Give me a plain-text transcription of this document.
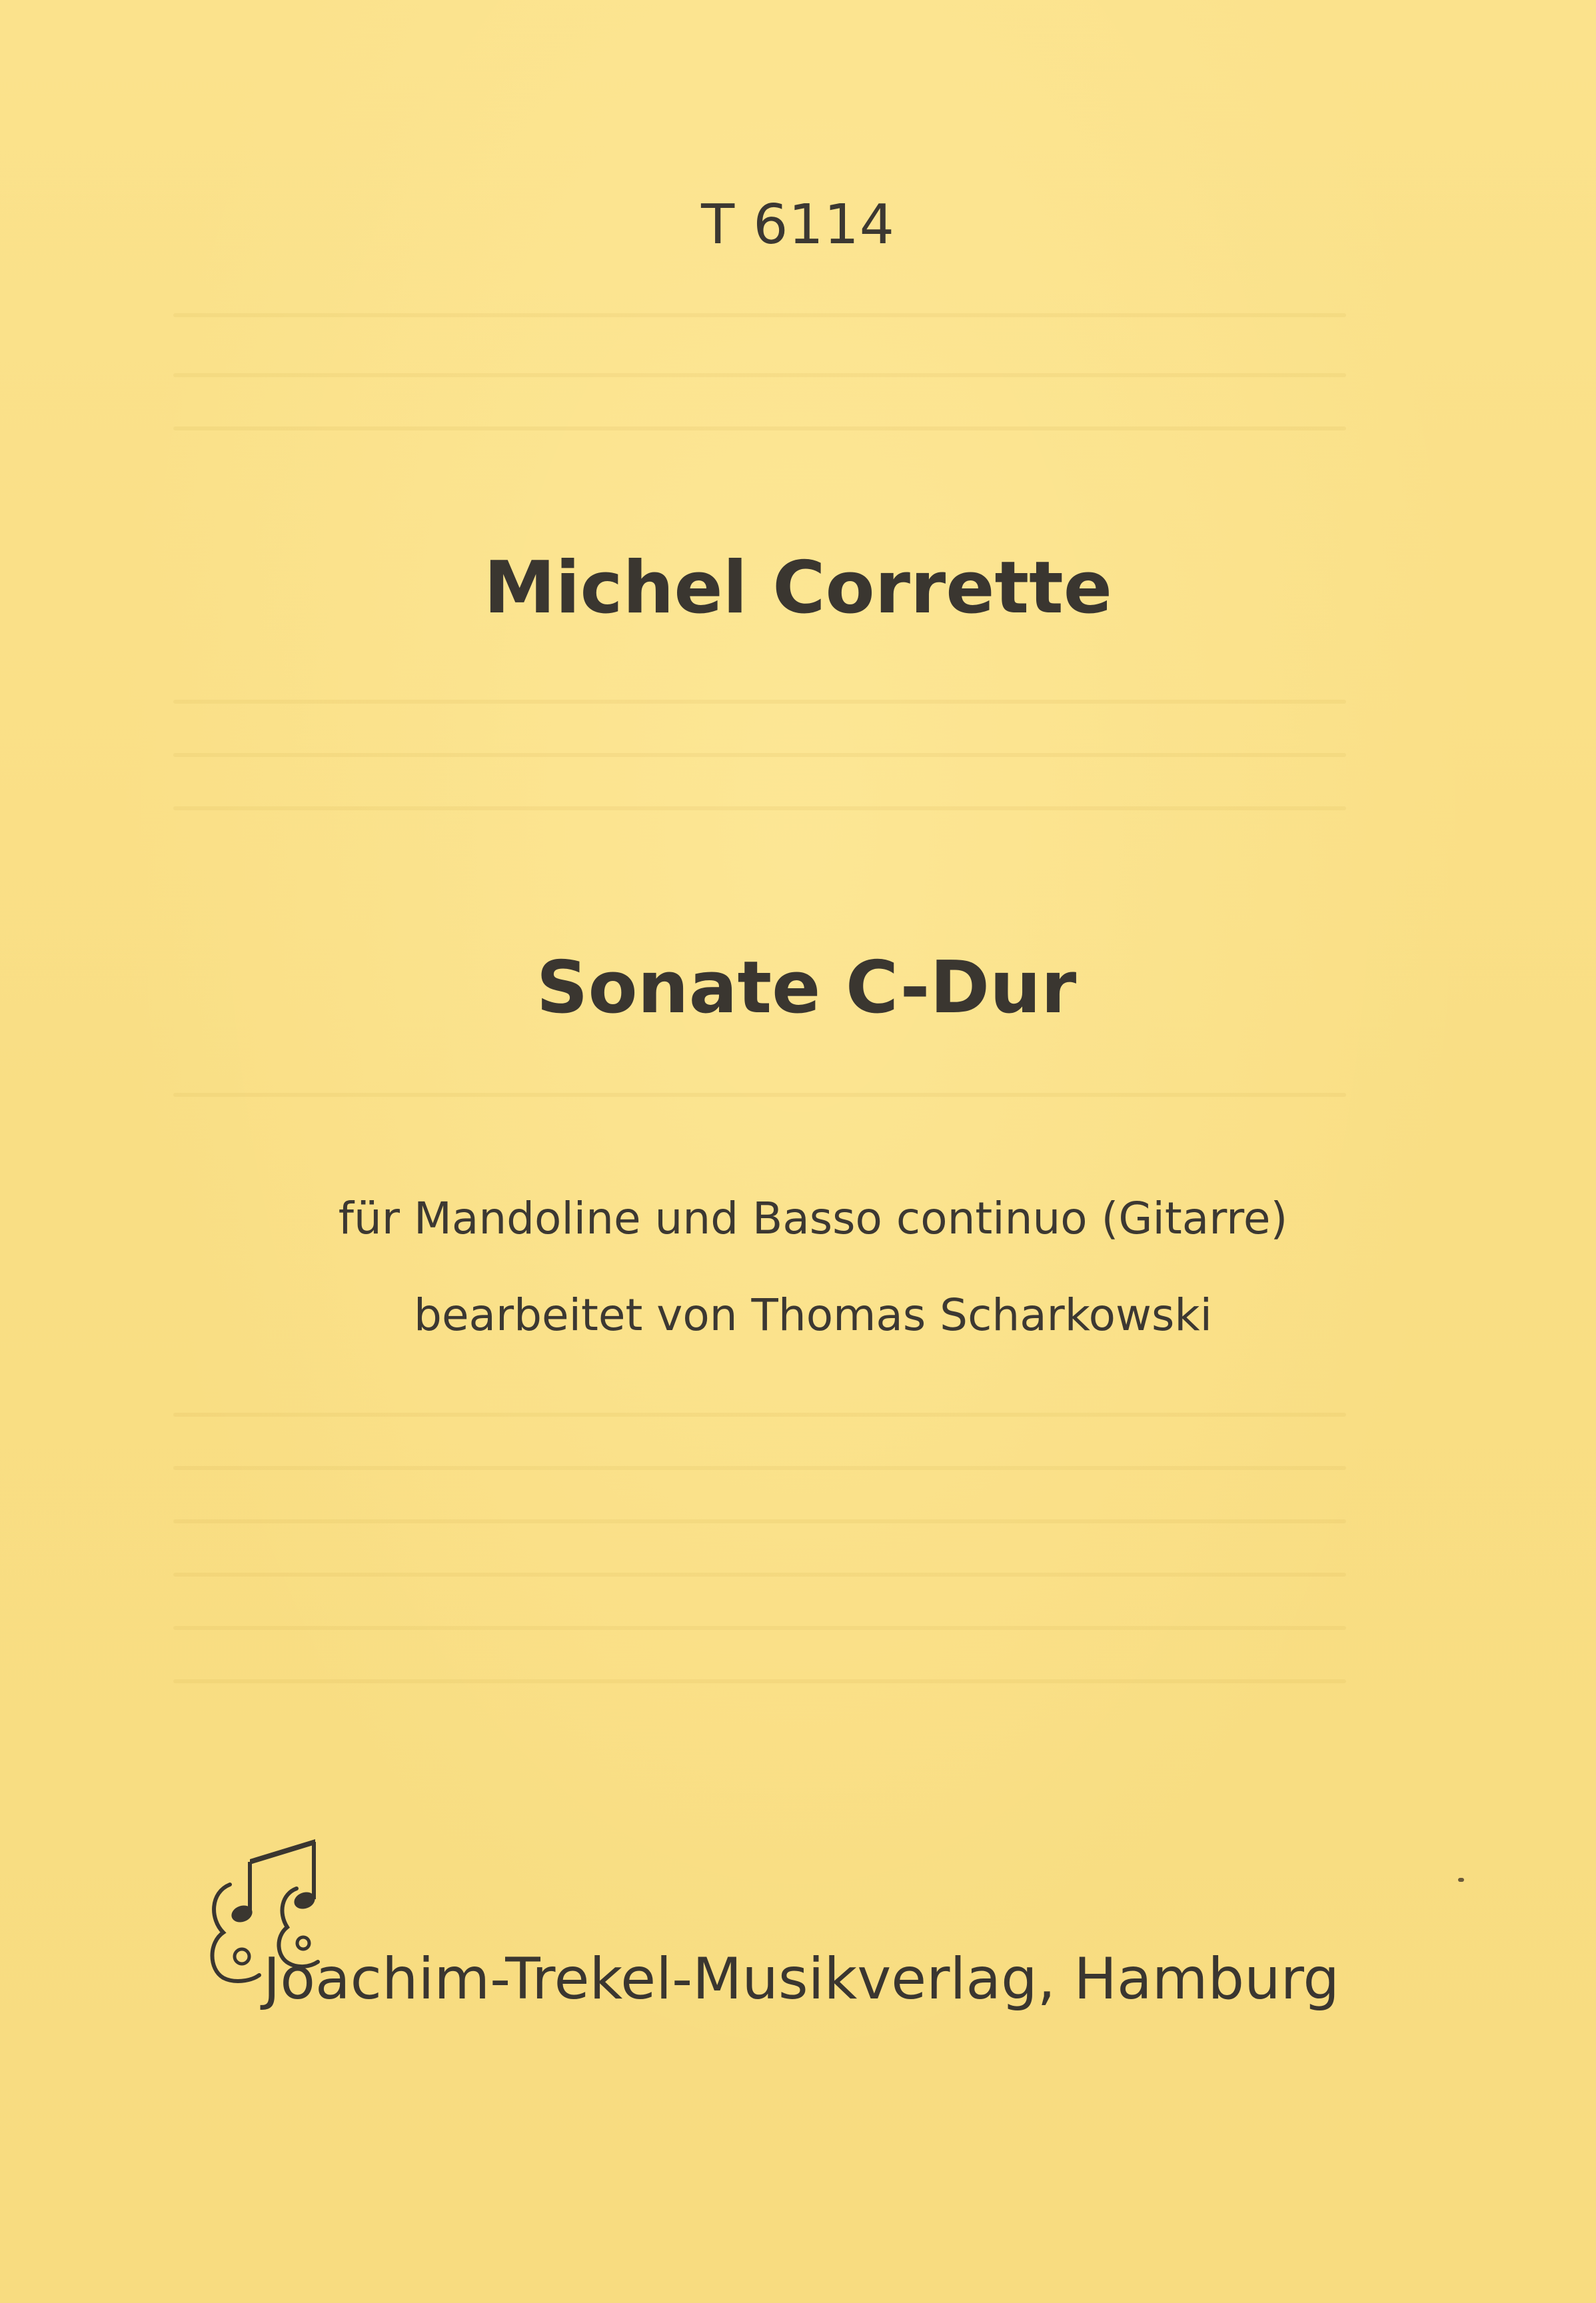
T 6114
Michel Corrette
Sonate C-Dur
für Mandoline und Basso continuo (Gitarre)
bearbeitet von Thomas Scharkowski
Joachim-Trekel-Musikverlag, Hamburg
